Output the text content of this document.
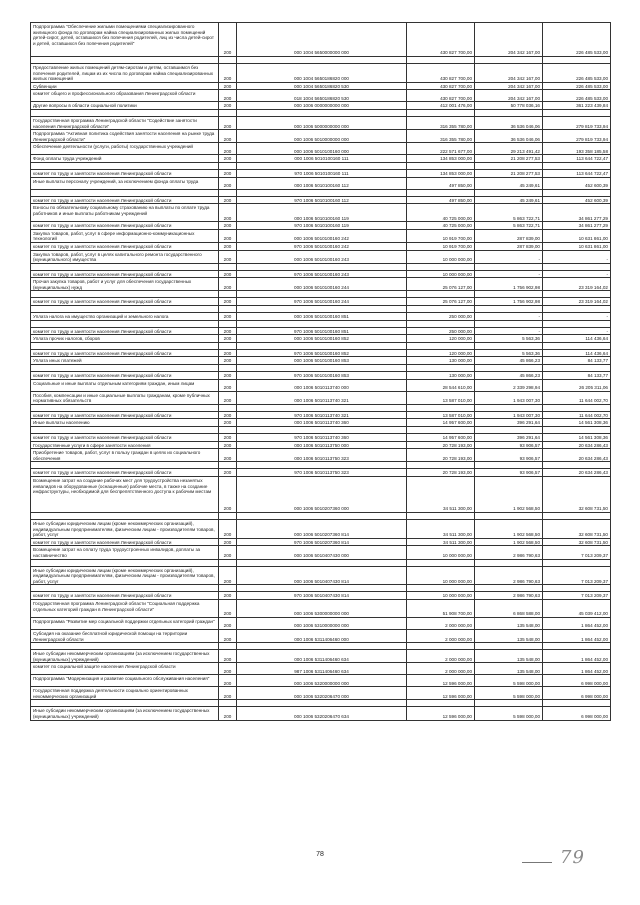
Подпрограмма "Обеспечение жилыми помещениями специализированного жилищного фонда по договорам найма специализированных жилых помещений детей-сирот, детей, оставшихся без попечения родителей, лиц из числа детей-сирот и детей, оставшихся без попечения родителей"	200	000 1004 5650000000 000	430 827 700,00	204 342 167,00	226 485 533,00

Предоставление жилых помещений детям-сиротам и детям, оставшимся без попечения родителей, лицам из их числа по договорам найма специализированных жилых помещений	200	000 1004 5650186820 000	430 827 700,00	204 342 167,00	226 485 533,00
Субвенции	200	000 1004 5650186820 530	430 827 700,00	204 342 167,00	226 485 533,00
комитет общего и профессионального образования Ленинградской области	200	018 1004 5650186820 530	430 827 700,00	204 342 167,00	226 485 533,00
Другие вопросы в области социальной политики	200	000 1006 0000000000 000	412 001 476,00	50 778 036,16	361 223 439,84

Государственная программа Ленинградской области "Содействие занятости населения Ленинградской области"	200	000 1006 5000000000 000	316 355 780,00	36 536 046,06	279 819 733,94
Подпрограмма "Активная политика содействия занятости населения на рынке труда Ленинградской области"	200	000 1006 5010000000 000	316 355 780,00	36 536 046,06	279 819 733,94
Обеспечение деятельности (услуги, работы) государственных учреждений	200	000 1006 5010100160 000	222 571 677,00	29 213 491,42	193 358 185,58
Фонд оплаты труда учреждений	200	000 1006 5010100160 111	134 853 000,00	21 208 277,53	113 644 722,47

комитет по труду и занятости населения Ленинградской области	200	970 1006 5010100160 111	134 853 000,00	21 208 277,53	113 644 722,47
Иные выплаты персоналу учреждений, за исключением фонда оплаты труда	200	000 1006 5010100160 112	497 850,00	45 249,61	452 600,39

комитет по труду и занятости населения Ленинградской области	200	970 1006 5010100160 112	497 850,00	45 249,61	452 600,39
Взносы по обязательному социальному страхованию на выплаты по оплате труда работников и иные выплаты работникам учреждений	200	000 1006 5010100160 119	40 725 000,00	5 863 722,71	34 861 277,29
комитет по труду и занятости населения Ленинградской области	200	970 1006 5010100160 119	40 725 000,00	5 863 722,71	34 861 277,29
Закупка товаров, работ, услуг в сфере информационно-коммуникационных технологий	200	000 1006 5010100160 242	10 919 700,00	287 839,00	10 631 861,00
комитет по труду и занятости населения Ленинградской области	200	970 1006 5010100160 242	10 919 700,00	287 839,00	10 631 861,00
Закупка товаров, работ, услуг в целях капитального ремонта государственного (муниципального) имущества	200	000 1006 5010100160 243	10 000 000,00	-	-

комитет по труду и занятости населения Ленинградской области	200	970 1006 5010100160 243	10 000 000,00	-	-
Прочая закупка товаров, работ и услуг для обеспечения государственных (муниципальных) нужд	200	000 1006 5010100160 244	25 076 127,00	1 756 902,98	23 319 164,02

комитет по труду и занятости населения Ленинградской области	200	970 1006 5010100160 244	25 076 127,00	1 756 902,98	23 319 164,02

Уплата налога на имущество организаций и земельного налога	200	000 1006 5010100160 851	250 000,00	-	-

комитет по труду и занятости населения Ленинградской области	200	970 1006 5010100160 851	250 000,00	-	-
Уплата прочих налогов, сборов	200	000 1006 5010100160 852	120 000,00	5 563,36	114 436,64

комитет по труду и занятости населения Ленинградской области	200	970 1006 5010100160 852	120 000,00	5 563,36	114 436,64
Уплата иных платежей	200	000 1006 5010100160 853	130 000,00	45 866,23	84 133,77

комитет по труду и занятости населения Ленинградской области	200	970 1006 5010100160 853	130 000,00	45 866,23	84 133,77
Социальные и иные выплаты отдельным категориям граждан, иным лицам	200	000 1006 5010113740 000	28 544 610,00	2 339 298,94	26 205 311,06
Пособия, компенсации и иные социальные выплаты гражданам, кроме публичных нормативных обязательств	200	000 1006 5010113740 321	13 587 010,00	1 943 007,30	11 644 002,70

комитет по труду и занятости населения Ленинградской области	200	970 1006 5010113740 321	13 587 010,00	1 943 007,30	11 644 002,70
Иные выплаты населению	200	000 1006 5010113740 360	14 957 600,00	396 291,64	14 561 308,36

комитет по труду и занятости населения Ленинградской области	200	970 1006 5010113740 360	14 957 600,00	396 291,64	14 561 308,36
Государственные услуги в сфере занятости населения	200	000 1006 5010113750 000	20 728 193,00	93 906,57	20 634 286,43
Приобретение товаров, работ, услуг в пользу граждан в целях их социального обеспечения	200	000 1006 5010113750 323	20 728 193,00	93 906,57	20 634 286,43

комитет по труду и занятости населения Ленинградской области	200	970 1006 5010113750 323	20 728 193,00	93 906,57	20 634 286,43
Возмещение затрат на создание рабочих мест для трудоустройства незанятых инвалидов на оборудованные (оснащенные) рабочие места, в также на создание инфраструктуры, необходимой для беспрепятственного доступа к рабочим местам	200	000 1006 5010207360 000	34 511 300,00	1 902 568,50	32 608 731,50

Иные субсидии юридическим лицам (кроме некоммерческих организаций), индивидуальным предпринимателям, физическим лицам - производителям товаров, работ, услуг	200	000 1006 5010207360 814	34 511 300,00	1 902 568,50	32 608 731,50
комитет по труду и занятости населения Ленинградской области	200	970 1006 5010207360 814	34 511 300,00	1 902 568,50	32 608 731,50
Возмещение затрат на оплату труда трудоустроенных инвалидов, доплаты за наставничество	200	000 1006 5010407430 000	10 000 000,00	2 986 790,63	7 013 209,37

Иные субсидии юридическим лицам (кроме некоммерческих организаций), индивидуальным предпринимателям, физическим лицам - производителям товаров, работ, услуг	200	000 1006 5010407430 814	10 000 000,00	2 986 790,63	7 013 209,37

комитет по труду и занятости населения Ленинградской области	200	970 1006 5010407430 814	10 000 000,00	2 986 790,63	7 013 209,37
Государственная программа Ленинградской области "Социальная поддержка отдельных категорий граждан в Ленинградской области"	200	000 1006 5300000000 000	51 908 700,00	6 868 588,00	45 039 412,00
Подпрограмма "Развитие мер социальной поддержки отдельных категорий граждан"	200	000 1006 5310000000 000	2 000 000,00	135 548,00	1 864 452,00
Субсидия на оказание бесплатной юридической помощи на территории Ленинградской области	200	000 1006 5311406460 000	2 000 000,00	135 548,00	1 864 452,00

Иные субсидии некоммерческим организациям (за исключением государственных (муниципальных) учреждений)	200	000 1006 5311406460 634	2 000 000,00	135 548,00	1 864 452,00
комитет по социальной защите населения Ленинградской области	200	987 1006 5311406460 634	2 000 000,00	135 548,00	1 864 452,00
Подпрограмма "Модернизация и развитие социального обслуживания населения"	200	000 1006 5320000000 000	12 596 000,00	5 598 000,00	6 998 000,00
Государственная поддержка деятельности социально ориентированных некоммерческих организаций	200	000 1006 5320206470 000	12 596 000,00	5 598 000,00	6 998 000,00

Иные субсидии некоммерческим организациям (за исключением государственных (муниципальных) учреждений)	200	000 1006 5320206470 634	12 596 000,00	5 598 000,00	6 998 000,00
78	79
